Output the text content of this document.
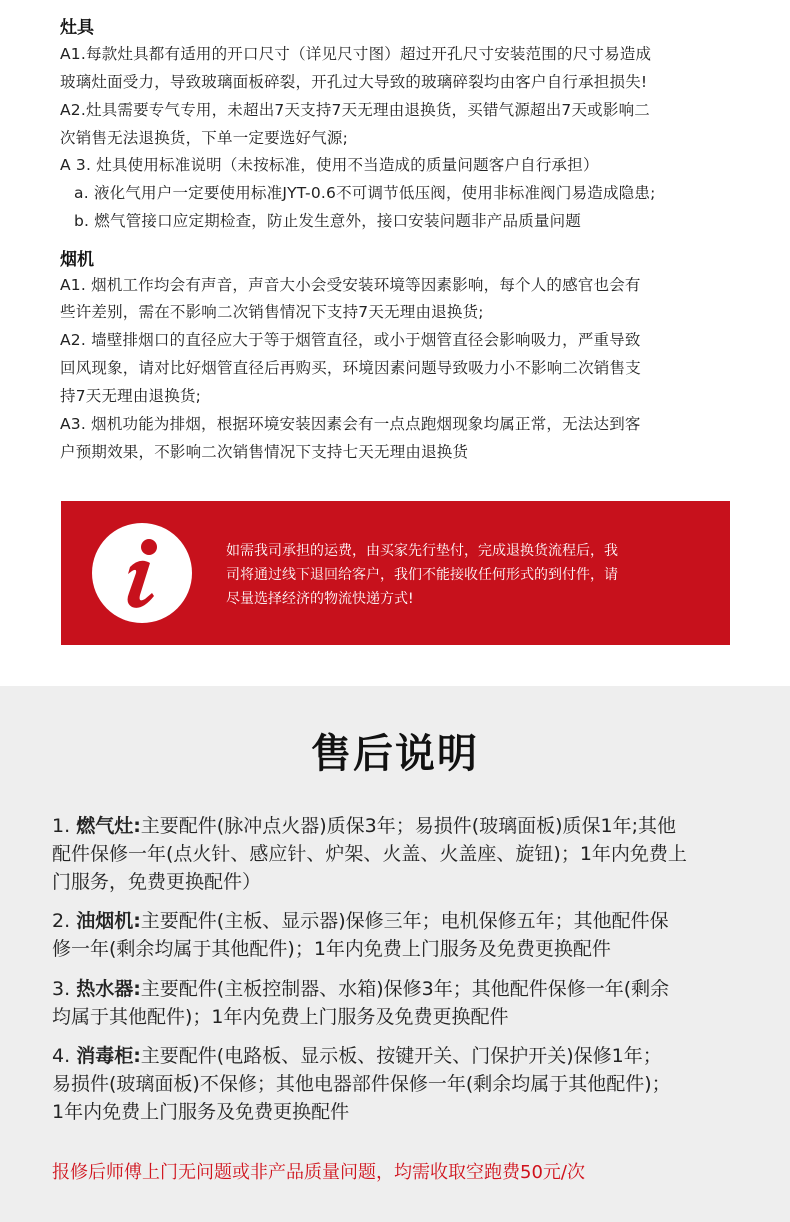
灶具
A1.每款灶具都有适用的开口尺寸（详见尺寸图）超过开孔尺寸安装范围的尺寸易造成
玻璃灶面受力，导致玻璃面板碎裂，开孔过大导致的玻璃碎裂均由客户自行承担损失!
A2.灶具需要专气专用，未超出7天支持7天无理由退换货，买错气源超出7天或影响二
次销售无法退换货，下单一定要选好气源;
A 3. 灶具使用标准说明（未按标准，使用不当造成的质量问题客户自行承担）
a. 液化气用户一定要使用标准JYT-0.6不可调节低压阀，使用非标准阀门易造成隐患;
b. 燃气管接口应定期检查，防止发生意外，接口安装问题非产品质量问题
烟机
A1. 烟机工作均会有声音，声音大小会受安装环境等因素影响，每个人的感官也会有
些许差别，需在不影响二次销售情况下支持7天无理由退换货;
A2. 墙壁排烟口的直径应大于等于烟管直径，或小于烟管直径会影响吸力，严重导致
回风现象，请对比好烟管直径后再购买，环境因素问题导致吸力小不影响二次销售支
持7天无理由退换货;
A3. 烟机功能为排烟，根据环境安装因素会有一点点跑烟现象均属正常，无法达到客
户预期效果，不影响二次销售情况下支持七天无理由退换货
如需我司承担的运费，由买家先行垫付，完成退换货流程后，我
司将通过线下退回给客户，我们不能接收任何形式的到付件，请
尽量选择经济的物流快递方式!
售后说明
1. 燃气灶:主要配件(脉冲点火器)质保3年；易损件(玻璃面板)质保1年;其他
配件保修一年(点火针、感应针、炉架、火盖、火盖座、旋钮)；1年内免费上
门服务，免费更换配件）
2. 油烟机:主要配件(主板、显示器)保修三年；电机保修五年；其他配件保
修一年(剩余均属于其他配件)；1年内免费上门服务及免费更换配件
3. 热水器:主要配件(主板控制器、水箱)保修3年；其他配件保修一年(剩余
均属于其他配件)；1年内免费上门服务及免费更换配件
4. 消毒柜:主要配件(电路板、显示板、按键开关、门保护开关)保修1年；
易损件(玻璃面板)不保修；其他电器部件保修一年(剩余均属于其他配件)；
1年内免费上门服务及免费更换配件
报修后师傅上门无问题或非产品质量问题，均需收取空跑费50元/次
